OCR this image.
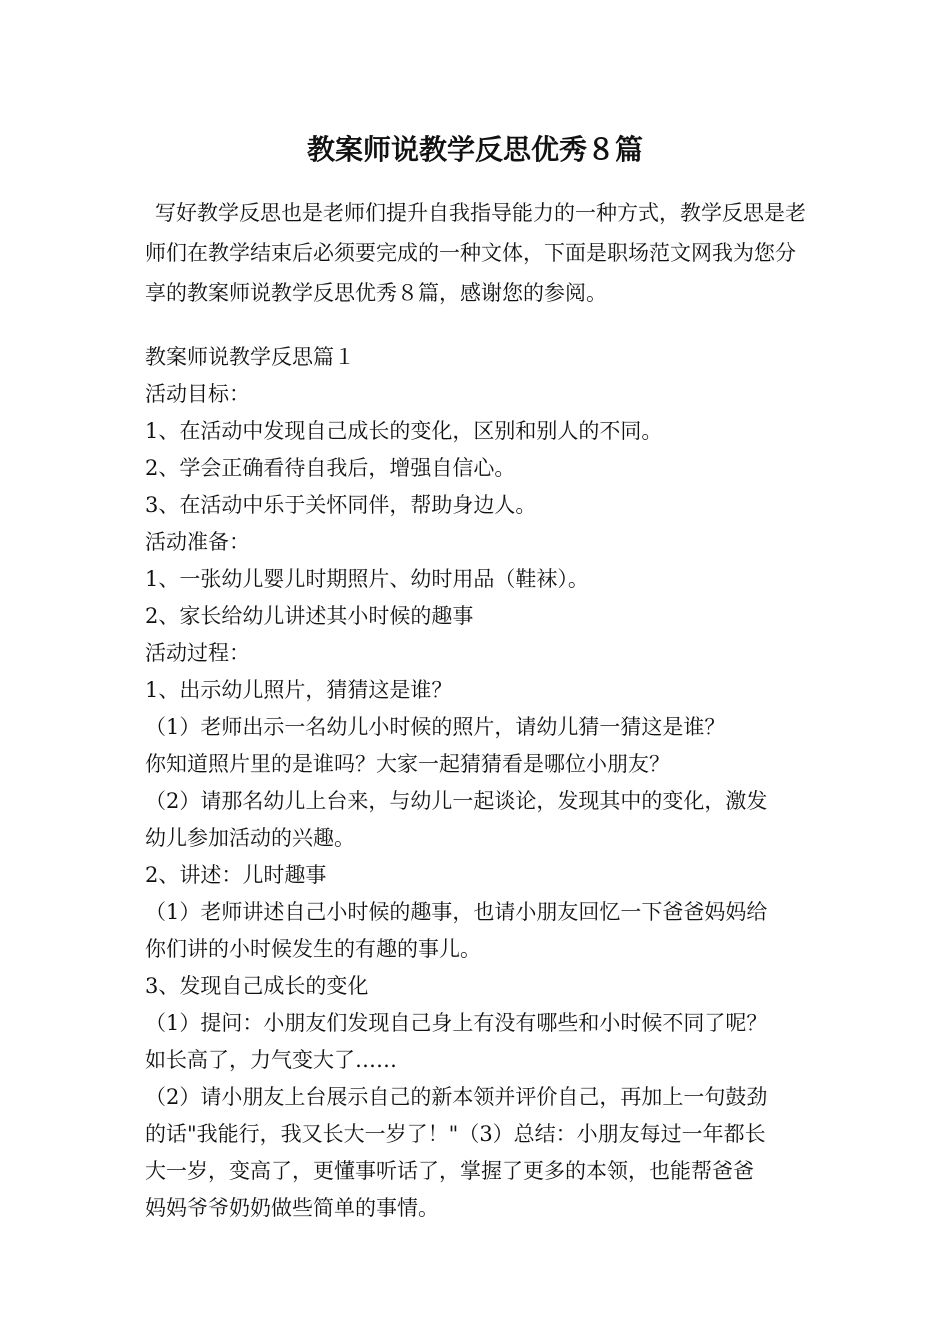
教案师说教学反思优秀８篇
写好教学反思也是老师们提升自我指导能力的一种方式，教学反思是老师们在教学结束后必须要完成的一种文体，下面是职场范文网我为您分享的教案师说教学反思优秀８篇，感谢您的参阅。
教案师说教学反思篇１
活动目标：
1、在活动中发现自己成长的变化，区别和别人的不同。
2、学会正确看待自我后，增强自信心。
3、在活动中乐于关怀同伴，帮助身边人。
活动准备：
1、一张幼儿婴儿时期照片、幼时用品（鞋袜）。
2、家长给幼儿讲述其小时候的趣事
活动过程：
1、出示幼儿照片，猜猜这是谁？
（1）老师出示一名幼儿小时候的照片，请幼儿猜一猜这是谁？
你知道照片里的是谁吗？大家一起猜猜看是哪位小朋友？
（2）请那名幼儿上台来，与幼儿一起谈论，发现其中的变化，激发
幼儿参加活动的兴趣。
2、讲述：儿时趣事
（1）老师讲述自己小时候的趣事，也请小朋友回忆一下爸爸妈妈给
你们讲的小时候发生的有趣的事儿。
3、发现自己成长的变化
（1）提问：小朋友们发现自己身上有没有哪些和小时候不同了呢？
如长高了，力气变大了……
（2）请小朋友上台展示自己的新本领并评价自己，再加上一句鼓劲
的话"我能行，我又长大一岁了！"（3）总结：小朋友每过一年都长
大一岁，变高了，更懂事听话了，掌握了更多的本领，也能帮爸爸
妈妈爷爷奶奶做些简单的事情。
